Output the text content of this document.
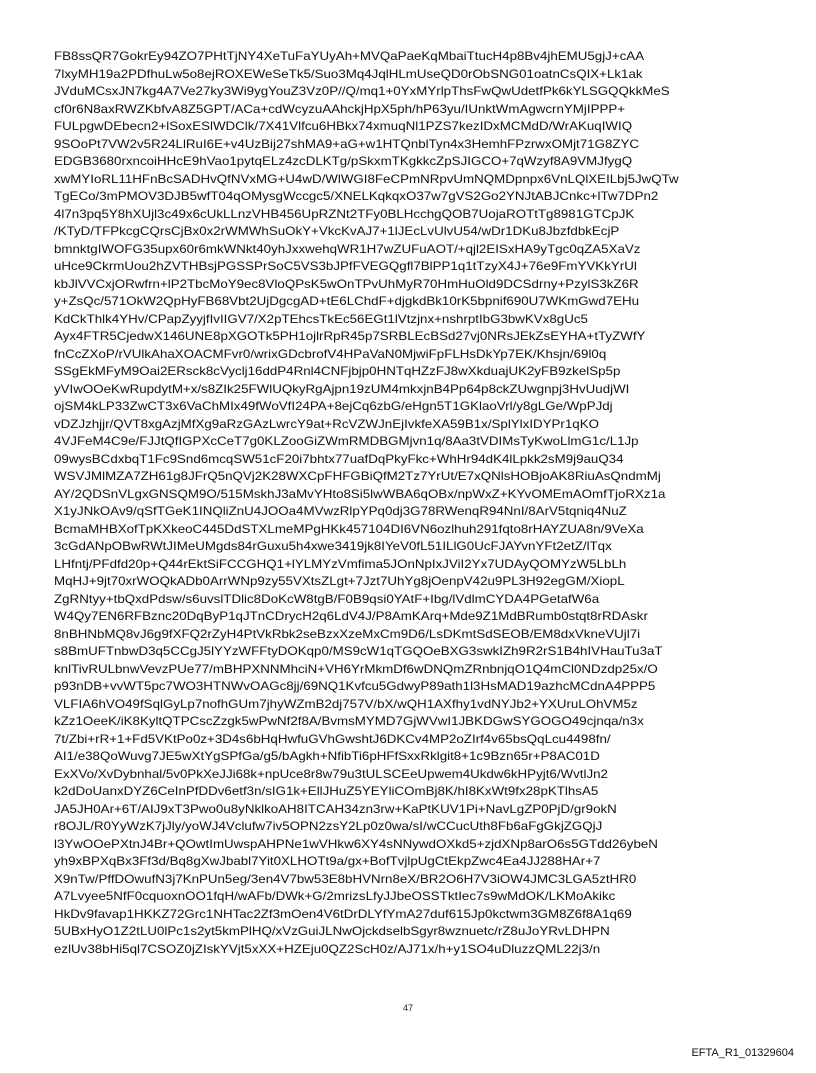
FB8ssQR7GokrEy94ZO7PHtTjNY4XeTuFaYUyAh+MVQaPaeKqMbaiTtucH4p8Bv4jhEMU5gjJ+cAA
7lxyMH19a2PDfhuLw5o8ejROXEWeSeTk5/Suo3Mq4JqlHLmUseQD0rObSNG01oatnCsQIX+Lk1ak
JVduMCsxJN7kg4A7Ve27ky3Wi9ygYouZ3Vz0P//Q/mq1+0YxMYrlpThsFwQwUdetfPk6kYLSGQQkkMeS
cf0r6N8axRWZKbfvA8Z5GPT/ACa+cdWcyzuAAhckjHpX5ph/hP63yu/IUnktWmAgwcrnYMjIPPP+
FULpgwDEbecn2+lSoxESlWDClk/7X41Vlfcu6HBkx74xmuqNl1PZS7kezIDxMCMdD/WrAKuqIWIQ
9SOoPt7VW2v5R24LlRuI6E+v4UzBij27shMA9+aG+w1HTQnblTyn4x3HemhFPzrwxOMjt71G8ZYC
EDGB3680rxncoiHHcE9hVao1pytqELz4zcDLKTg/pSkxmTKgkkcZpSJIGCO+7qWzyf8A9VMJfygQ
xwMYIoRL11HFnBcSADHvQfNVxMG+U4wD/WlWGI8FeCPmNRpvUmNQMDpnpx6VnLQlXEILbj5JwQTw
TgECo/3mPMOV3DJB5wfT04qOMysgWccgc5/XNELKqkqxO37w7gVS2Go2YNJtABJCnkc+lTw7DPn2
4l7n3pq5Y8hXUjl3c49x6cUkLLnzVHB456UpRZNt2TFy0BLHcchgQOB7UojaROTtTg8981GTCpJK
/KTyD/TFPkcgCQrsCjBx0x2rWMWhSuOkY+VkcKvAJ7+1lJEcLvUlvU54/wDr1DKu8JbzfdbkEcjP
bmnktgIWOFG35upx60r6mkWNkt40yhJxxwehqWR1H7wZUFuAOT/+qjl2EISxHA9yTgc0qZA5XaVz
uHce9CkrmUou2hZVTHBsjPGSSPrSoC5VS3bJPfFVEGQgfl7BlPP1q1tTzyX4J+76e9FmYVKkYrUl
kbJlVVCxjORwfrn+lP2TbcMoY9ec8VloQPsK5wOnTPvUhMyR70HmHuOld9DCSdrny+PzylS3kZ6R
y+ZsQc/571OkW2QpHyFB68Vbt2UjDgcgAD+tE6LChdF+djgkdBk10rK5bpnif690U7WKmGwd7EHu
KdCkThlk4YHv/CPapZyyjfIvIIGV7/X2pTEhcsTkEc56EGt1lVtzjnx+nshrptIbG3bwKVx8gUc5
Ayx4FTR5CjedwX146UNE8pXGOTk5PH1ojlrRpR45p7SRBLEcBSd27vj0NRsJEkZsEYHA+tTyZWfY
fnCcZXoP/rVUlkAhaXOACMFvr0/wrixGDcbrofV4HPaVaN0MjwiFpFLHsDkYp7EK/Khsjn/69l0q
SSgEkMFyM9Oai2ERsck8cVyclj16ddP4Rnl4CNFjbjp0HNTqHZzFJ8wXkduajUK2yFB9zkelSp5p
yVIwOOeKwRupdytM+x/s8ZIk25FWlUQkyRgAjpn19zUM4mkxjnB4Pp64p8ckZUwgnpj3HvUudjWI
ojSM4kLP33ZwCT3x6VaChMIx49fWoVfI24PA+8ejCq6zbG/eHgn5T1GKlaoVrl/y8gLGe/WpPJdj
vDZJzhjjr/QVT8xgAzjMfXg9aRzGAzLwrcY9at+RcVZWJnEjIvkfeXA59B1x/SplYlxIDYPr1qKO
4VJFeM4C9e/FJJtQfIGPXcCeT7g0KLZooGiZWmRMDBGMjvn1q/8Aa3tVDIMsTyKwoLlmG1c/L1Jp
09wysBCdxbqT1Fc9Snd6mcqSW51cF20i7bhtx77uafDqPkyFkc+WhHr94dK4lLpkk2sM9j9auQ34
WSVJMlMZA7ZH61g8JFrQ5nQVj2K28WXCpFHFGBiQfM2Tz7YrUt/E7xQNlsHOBjoAK8RiuAsQndmMj
AY/2QDSnVLgxGNSQM9O/515MskhJ3aMvYHto8Si5lwWBA6qOBx/npWxZ+KYvOMEmAOmfTjoRXz1a
X1yJNkOAv9/qSfTGeK1INQliZnU4JOOa4MVwzRlpYPq0dj3G78RWenqR94NnI/8ArV5tqniq4NuZ
BcmaMHBXofTpKXkeoC445DdSTXLmeMPgHKk457104DI6VN6ozlhuh291fqto8rHAYZUA8n/9VeXa
3cGdANpOBwRWtJIMeUMgds84rGuxu5h4xwe3419jk8IYeV0fL51ILlG0UcFJAYvnYFt2etZ/lTqx
LHfntj/PFdfd20p+Q44rEktSiFCCGHQ1+lYLMYzVmfima5JOnNpIxJViI2Yx7UDAyQOMYzW5LbLh
MqHJ+9jt70xrWOQkADb0ArrWNp9zy55VXtsZLgt+7Jzt7UhYg8jOenpV42u9PL3H92egGM/XiopL
ZgRNtyy+tbQxdPdsw/s6uvslTDlic8DoKcW8tgB/F0B9qsi0YAtF+Ibg/lVdlmCYDA4PGetafW6a
W4Qy7EN6RFBznc20DqByP1qJTnCDrycH2q6LdV4J/P8AmKArq+Mde9Z1MdBRumb0stqt8rRDAskr
8nBHNbMQ8vJ6g9fXFQ2rZyH4PtVkRbk2seBzxXzeMxCm9D6/LsDKmtSdSEOB/EM8dxVkneVUjl7i
s8BmUFTnbwD3q5CCgJ5lYYzWFFtyDOKqp0/MS9cW1qTGQOeBXG3swkIZh9R2rS1B4hIVHauTu3aT
knlTivRULbnwVevzPUe77/mBHPXNNMhciN+VH6YrMkmDf6wDNQmZRnbnjqO1Q4mCl0NDzdp25x/O
p93nDB+vvWT5pc7WO3HTNWvOAGc8jj/69NQ1Kvfcu5GdwyP89ath1l3HsMAD19azhcMCdnA4PPP5
VLFIA6hVO49fSqlGyLp7nofhGUm7jhyWZmB2dj757V/bX/wQH1AXfhy1vdNYJb2+YXUruLOhVM5z
kZz1OeeK/iK8KyltQTPCscZzgk5wPwNf2f8A/BvmsMYMD7GjWVwI1JBKDGwSYGOGO49cjnqa/n3x
7t/Zbi+rR+1+Fd5VKtPo0z+3D4s6bHqHwfuGVhGwshtJ6DKCv4MP2oZIrf4v65bsQqLcu4498fn/
AI1/e38QoWuvg7JE5wXtYgSPfGa/g5/bAgkh+NfibTi6pHFfSxxRklgit8+1c9Bzn65r+P8AC01D
ExXVo/XvDybnhal/5v0PkXeJJi68k+npUce8r8w79u3tULSCEeUpwem4Ukdw6kHPyjt6/WvtlJn2
k2dDoUanxDYZ6CeInPfDDv6etf3n/sIG1k+EllJHuZ5YEYliCOmBj8K/hI8KxWt9fx28pKTlhsA5
JA5JH0Ar+6T/AIJ9xT3Pwo0u8yNklkoAH8ITCAH34zn3rw+KaPtKUV1Pi+NavLgZP0PjD/gr9okN
r8OJL/R0YyWzK7jJly/yoWJ4Vclufw7iv5OPN2zsY2Lp0z0wa/sI/wCCucUth8Fb6aFgGkjZGQjJ
l3YwOOePXtnJ4Br+QOwtImUwspAHPNe1wVHkw6XY4sNNywdOXkd5+zjdXNp8arO6s5GTdd26ybeN
yh9xBPXqBx3Ff3d/Bq8gXwJbabl7Yit0XLHOTt9a/gx+BofTvjlpUgCtEkpZwc4Ea4JJ288HAr+7
X9nTw/PffDOwufN3j7KnPUn5eg/3en4V7bw53E8bHVNrn8eX/BR2O6H7V3iOW4JMC3LGA5ztHR0
A7Lvyee5NfF0cquoxnOO1fqH/wAFb/DWk+G/2mrizsLfyJJbeOSSTktIec7s9wMdOK/LKMoAkikc
HkDv9favap1HKKZ72Grc1NHTac2Zf3mOen4V6tDrDLYfYmA27duf615Jp0kctwm3GM8Z6f8A1q69
5UBxHyO1Z2tLU0lPc1s2yt5kmPlHQ/xVzGuiJLNwOjckdselbSgyr8wznuetc/rZ8uJoYRvLDHPN
ezlUv38bHi5ql7CSOZ0jZIskYVjt5xXX+HZEju0QZ2ScH0z/AJ71x/h+y1SO4uDluzzQML22j3/n
47
EFTA_R1_01329604
